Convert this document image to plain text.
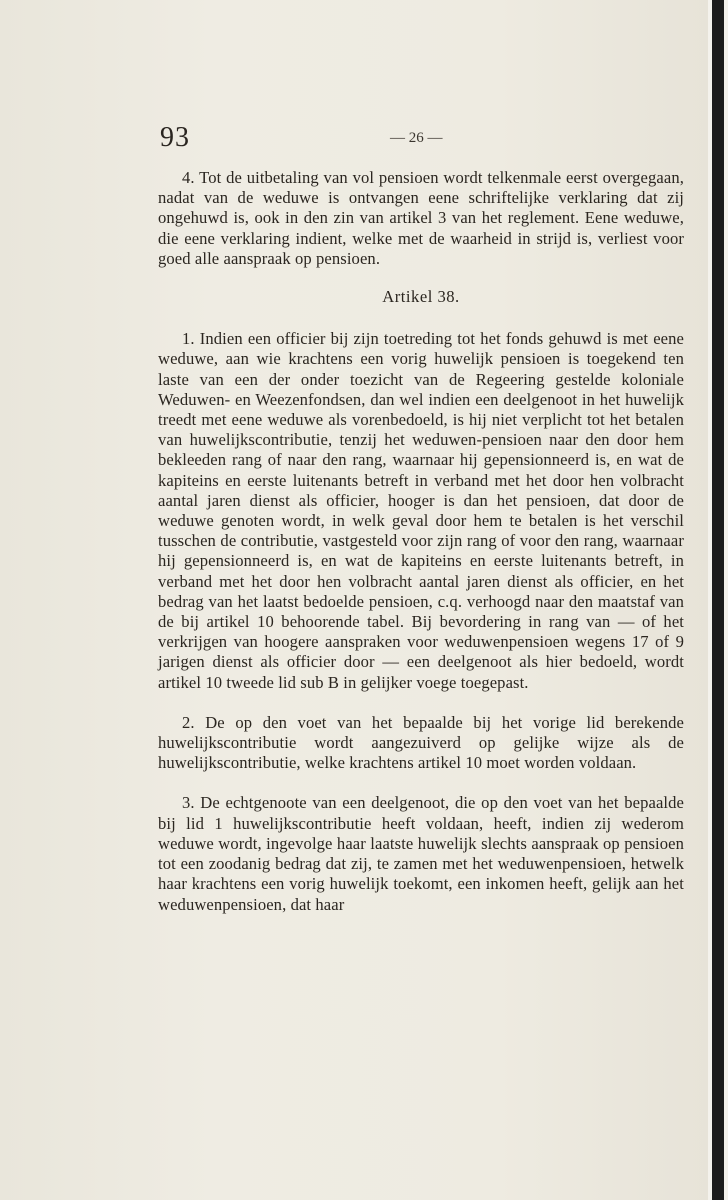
93	— 26 —

4. Tot de uitbetaling van vol pensioen wordt telkenmale eerst overgegaan, nadat van de weduwe is ontvangen eene schriftelijke verklaring dat zij ongehuwd is, ook in den zin van artikel 3 van het reglement. Eene weduwe, die eene verklaring indient, welke met de waarheid in strijd is, verliest voor goed alle aanspraak op pensioen.

Artikel 38.

1. Indien een officier bij zijn toetreding tot het fonds gehuwd is met eene weduwe, aan wie krachtens een vorig huwelijk pensioen is toegekend ten laste van een der onder toezicht van de Regeering gestelde koloniale Weduwen- en Weezenfondsen, dan wel indien een deelgenoot in het huwelijk treedt met eene weduwe als vorenbedoeld, is hij niet verplicht tot het betalen van huwelijkscontributie, tenzij het weduwen-pensioen naar den door hem bekleeden rang of naar den rang, waarnaar hij gepensionneerd is, en wat de kapiteins en eerste luitenants betreft in verband met het door hen volbracht aantal jaren dienst als officier, hooger is dan het pensioen, dat door de weduwe genoten wordt, in welk geval door hem te betalen is het verschil tusschen de contributie, vastgesteld voor zijn rang of voor den rang, waarnaar hij gepensionneerd is, en wat de kapiteins en eerste luitenants betreft, in verband met het door hen volbracht aantal jaren dienst als officier, en het bedrag van het laatst bedoelde pensioen, c.q. verhoogd naar den maatstaf van de bij artikel 10 behoorende tabel. Bij bevordering in rang van — of het verkrijgen van hoogere aanspraken voor weduwenpensioen wegens 17 of 9 jarigen dienst als officier door — een deelgenoot als hier bedoeld, wordt artikel 10 tweede lid sub B in gelijker voege toegepast.

2. De op den voet van het bepaalde bij het vorige lid berekende huwelijkscontributie wordt aangezuiverd op gelijke wijze als de huwelijkscontributie, welke krachtens artikel 10 moet worden voldaan.

3. De echtgenoote van een deelgenoot, die op den voet van het bepaalde bij lid 1 huwelijkscontributie heeft voldaan, heeft, indien zij wederom weduwe wordt, ingevolge haar laatste huwelijk slechts aanspraak op pensioen tot een zoodanig bedrag dat zij, te zamen met het weduwenpensioen, hetwelk haar krachtens een vorig huwelijk toekomt, een inkomen heeft, gelijk aan het weduwenpensioen, dat haar
